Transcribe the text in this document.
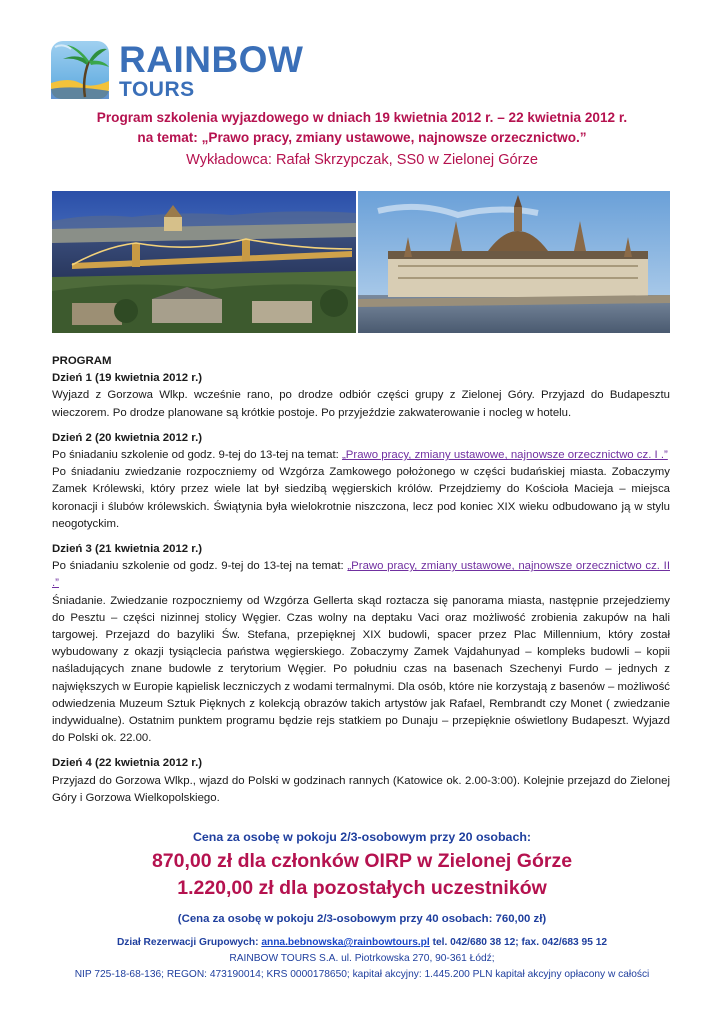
RAINBOW
TOURS
Program szkolenia wyjazdowego w dniach 19 kwietnia 2012 r. – 22 kwietnia 2012 r.
na temat: „Prawo pracy, zmiany ustawowe, najnowsze orzecznictwo.”
Wykładowca: Rafał Skrzypczak, SS0 w Zielonej Górze
PROGRAM
Dzień 1 (19 kwietnia 2012 r.)
Wyjazd z Gorzowa Wlkp. wcześnie rano, po drodze odbiór części grupy z Zielonej Góry. Przyjazd do Budapesztu wieczorem. Po drodze planowane są krótkie postoje. Po przyjeździe zakwaterowanie i nocleg w hotelu.
Dzień 2 (20 kwietnia 2012 r.)
Po śniadaniu szkolenie od godz. 9-tej do 13-tej na temat: „Prawo pracy, zmiany ustawowe, najnowsze orzecznictwo cz. I .”
Po śniadaniu zwiedzanie rozpoczniemy od Wzgórza Zamkowego położonego w części budańskiej miasta. Zobaczymy Zamek Królewski, który przez wiele lat był siedzibą węgierskich królów. Przejdziemy do Kościoła Macieja – miejsca koronacji i ślubów królewskich. Świątynia była wielokrotnie niszczona, lecz pod koniec XIX wieku odbudowano ją w stylu neogotyckim.
Dzień 3 (21 kwietnia 2012 r.)
Po śniadaniu szkolenie od godz. 9-tej do 13-tej na temat: „Prawo pracy, zmiany ustawowe, najnowsze orzecznictwo cz. II .”
Śniadanie. Zwiedzanie rozpoczniemy od Wzgórza Gellerta skąd roztacza się panorama miasta, następnie przejedziemy do Pesztu – części nizinnej stolicy Węgier. Czas wolny na deptaku Vaci oraz możliwość zrobienia zakupów na hali targowej. Przejazd do bazyliki Św. Stefana, przepięknej XIX budowli, spacer przez Plac Millennium, który został wybudowany z okazji tysiąclecia państwa węgierskiego. Zobaczymy Zamek Vajdahunyad – kompleks budowli – kopii naśladujących znane budowle z terytorium Węgier. Po południu czas na basenach Szechenyi Furdo – jednych z największych w Europie kąpielisk leczniczych z wodami termalnymi. Dla osób, które nie korzystają z basenów – możliwość odwiedzenia Muzeum Sztuk Pięknych z kolekcją obrazów takich artystów jak Rafael, Rembrandt czy Monet ( zwiedzanie indywidualne). Ostatnim punktem programu będzie rejs statkiem po Dunaju – przepięknie oświetlony Budapeszt. Wyjazd do Polski ok. 22.00.
Dzień 4 (22 kwietnia 2012 r.)
Przyjazd do Gorzowa Wlkp., wjazd do Polski w godzinach rannych (Katowice ok. 2.00-3:00). Kolejnie przejazd do Zielonej Góry i Gorzowa Wielkopolskiego.
Cena za osobę w pokoju 2/3-osobowym przy 20 osobach:
870,00 zł dla członków OIRP w Zielonej Górze
1.220,00 zł dla pozostałych uczestników
(Cena za osobę w pokoju 2/3-osobowym przy 40 osobach: 760,00 zł)
Dział Rezerwacji Grupowych: anna.bebnowska@rainbowtours.pl tel. 042/680 38 12; fax. 042/683 95 12
RAINBOW TOURS S.A. ul. Piotrkowska 270, 90-361 Łódź;
NIP 725-18-68-136; REGON: 473190014; KRS 0000178650; kapitał akcyjny: 1.445.200 PLN kapitał akcyjny opłacony w całości
